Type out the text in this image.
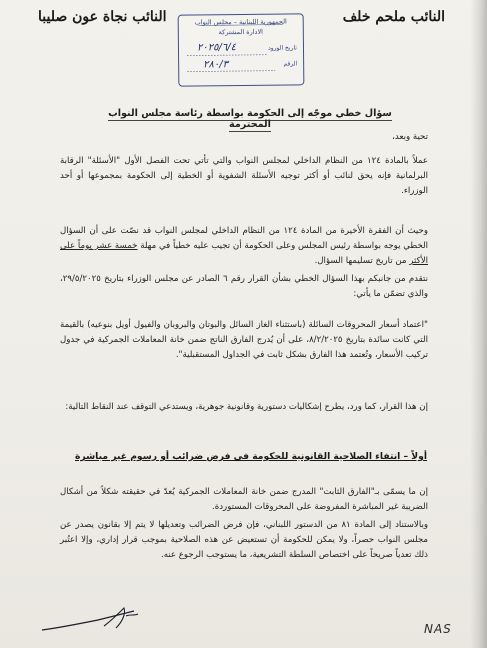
النائب ملحم خلف
النائب نجاة عون صليبا	الجمهورية اللبنانية – مجلس النواب
الادارة المشتركة
تاريخ الورود
الرقم
٢٠٢٥/٦/٤
٢٨٠/٣
سؤال خطي موجّه إلى الحكومة بواسطة رئاسة مجلس النواب المحترمة
تحية وبعد،
عملاً بالمادة ١٢٤ من النظام الداخلي لمجلس النواب والتي تأتي تحت الفصل الأول "الأسئلة" الرقابة البرلمانية فإنه يحق لنائب أو أكثر توجيه الأسئلة الشفوية أو الخطية إلى الحكومة بمجموعها أو أحد الوزراء.
وحيث أن الفقرة الأخيرة من المادة ١٢٤ من النظام الداخلي لمجلس النواب قد نصّت على أن السؤال الخطي يوجه بواسطة رئيس المجلس وعلى الحكومة أن تجيب عليه خطياً في مهلة خمسة عشر يوماً على الأكثر من تاريخ تسليمها السؤال.
نتقدم من جانبكم بهذا السؤال الخطي بشأن القرار رقم ٦ الصادر عن مجلس الوزراء بتاريخ ٢٩/٥/٢٠٢٥، والذي تضمّن ما يأتي:
"اعتماد أسعار المحروقات السائلة (باستثناء الغاز السائل والبوتان والبروبان والفيول أويل بنوعيه) بالقيمة التي كانت سائدة بتاريخ ٨/٢/٢٠٢٥، على أن يُدرج الفارق الناتج ضمن خانة المعاملات الجمركية في جدول تركيب الأسعار، وتُعتمد هذا الفارق بشكل ثابت في الجداول المستقبلية".
إن هذا القرار، كما ورد، يطرح إشكاليات دستورية وقانونية جوهرية، ويستدعي التوقف عند النقاط التالية:
أولاً – انتفاء الصلاحية القانونية للحكومة في فرض ضرائب أو رسوم غير مباشرة
إن ما يسمّى بـ"الفارق الثابت" المدرج ضمن خانة المعاملات الجمركية يُعدّ في حقيقته شكلاً من أشكال الضريبة غير المباشرة المفروضة على المحروقات المستوردة.
وبالاستناد إلى المادة ٨١ من الدستور اللبناني، فإن فرض الضرائب وتعديلها لا يتم إلا بقانون يصدر عن مجلس النواب حصراً، ولا يمكن للحكومة أن تستعيض عن هذه الصلاحية بموجب قرار إداري، وإلا اعتُبر ذلك تعدياً صريحاً على اختصاص السلطة التشريعية، ما يستوجب الرجوع عنه.
NAS
